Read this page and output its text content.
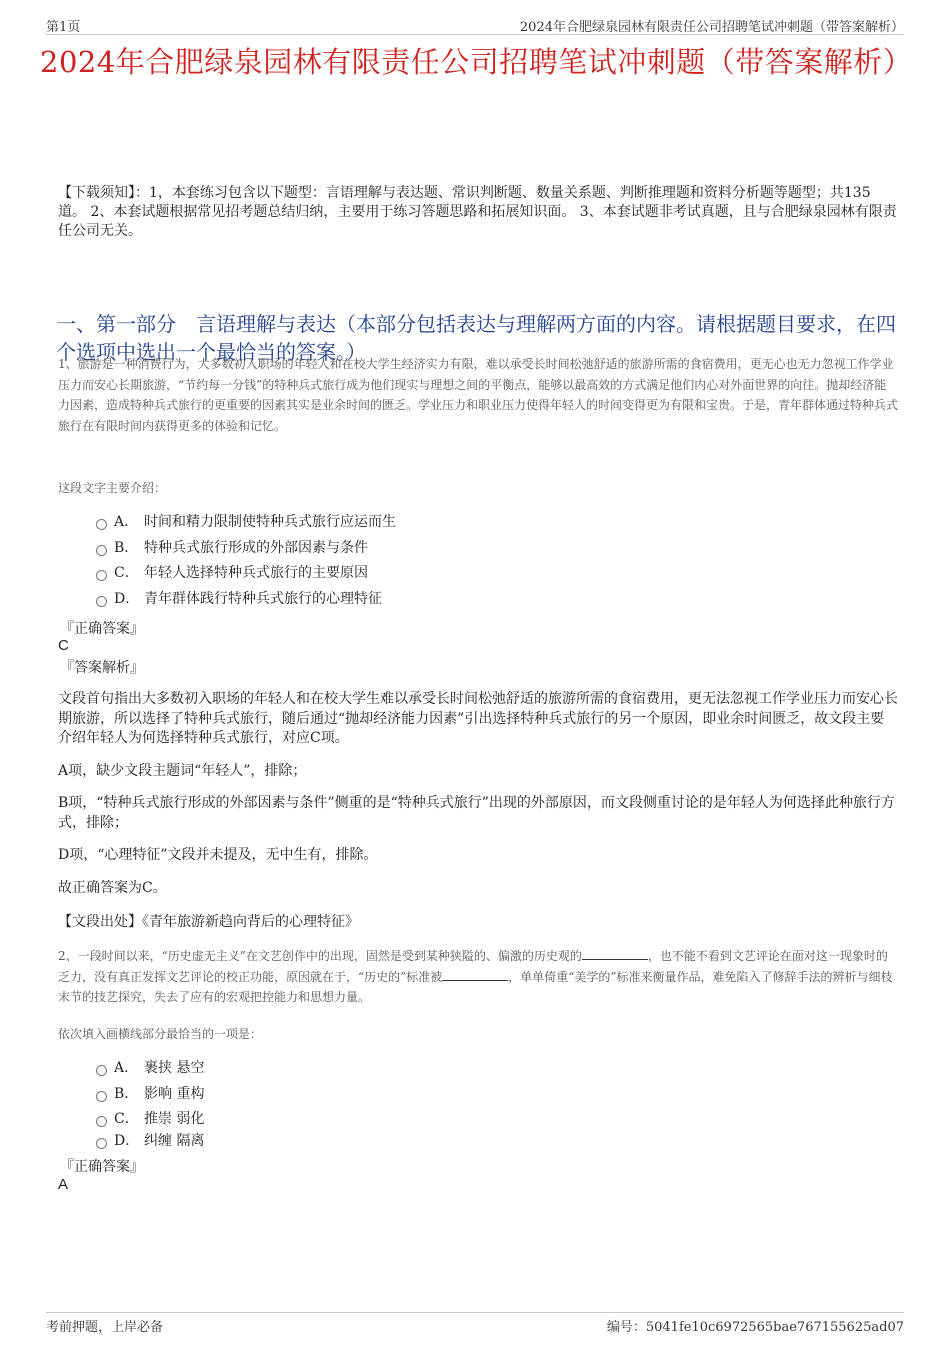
第1页	2024年合肥绿泉园林有限责任公司招聘笔试冲刺题（带答案解析）
2024年合肥绿泉园林有限责任公司招聘笔试冲刺题（带答案解析）
【下载须知】：1，本套练习包含以下题型：言语理解与表达题、常识判断题、数量关系题、判断推理题和资料分析题等题型；共135道。 2、本套试题根据常见招考题总结归纳，主要用于练习答题思路和拓展知识面。 3、本套试题非考试真题，且与合肥绿泉园林有限责任公司无关。
一、第一部分　言语理解与表达（本部分包括表达与理解两方面的内容。请根据题目要求，在四个选项中选出一个最恰当的答案。）
1、旅游是一种消费行为，大多数初入职场的年轻人和在校大学生经济实力有限，难以承受长时间松弛舒适的旅游所需的食宿费用，更无心也无力忽视工作学业压力而安心长期旅游，“节约每一分钱”的特种兵式旅行成为他们现实与理想之间的平衡点，能够以最高效的方式满足他们内心对外面世界的向往。抛却经济能力因素，造成特种兵式旅行的更重要的因素其实是业余时间的匮乏。学业压力和职业压力使得年轻人的时间变得更为有限和宝贵。于是，青年群体通过特种兵式旅行在有限时间内获得更多的体验和记忆。
这段文字主要介绍：
A． 时间和精力限制使特种兵式旅行应运而生
B． 特种兵式旅行形成的外部因素与条件
C． 年轻人选择特种兵式旅行的主要原因
D． 青年群体践行特种兵式旅行的心理特征
『正确答案』
C
『答案解析』
文段首句指出大多数初入职场的年轻人和在校大学生难以承受长时间松弛舒适的旅游所需的食宿费用，更无法忽视工作学业压力而安心长期旅游，所以选择了特种兵式旅行，随后通过“抛却经济能力因素”引出选择特种兵式旅行的另一个原因，即业余时间匮乏，故文段主要介绍年轻人为何选择特种兵式旅行，对应C项。
A项，缺少文段主题词“年轻人”，排除；
B项，“特种兵式旅行形成的外部因素与条件”侧重的是“特种兵式旅行”出现的外部原因，而文段侧重讨论的是年轻人为何选择此种旅行方式，排除；
D项，“心理特征”文段并未提及，无中生有，排除。
故正确答案为C。
【文段出处】《青年旅游新趋向背后的心理特征》
2、一段时间以来，“历史虚无主义”在文艺创作中的出现，固然是受到某种狭隘的、偏激的历史观的	，也不能不看到文艺评论在面对这一现象时的乏力，没有真正发挥文艺评论的校正功能，原因就在于，“历史的”标准被	，单单倚重“美学的”标准来衡量作品，难免陷入了修辞手法的辨析与细枝末节的技艺探究，失去了应有的宏观把控能力和思想力量。
依次填入画横线部分最恰当的一项是：
A． 裹挟 悬空
B． 影响 重构
C． 推崇 弱化
D． 纠缠 隔离
『正确答案』
A
考前押题，上岸必备	编号：5041fe10c6972565bae767155625ad07
